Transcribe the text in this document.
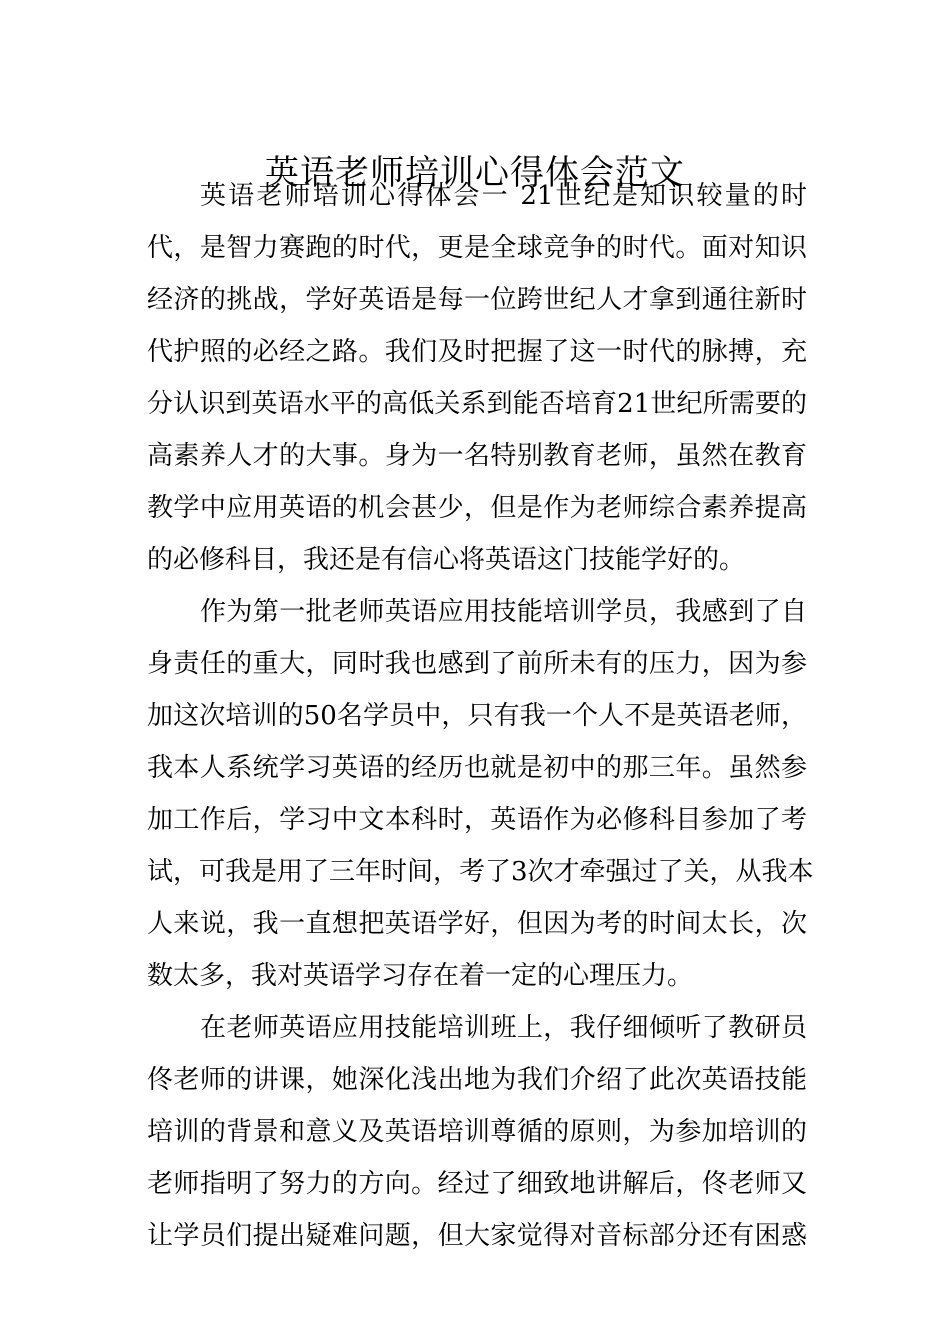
英语老师培训心得体会范文
英语老师培训心得体会一 21世纪是知识较量的时
代，是智力赛跑的时代，更是全球竞争的时代。面对知识
经济的挑战，学好英语是每一位跨世纪人才拿到通往新时
代护照的必经之路。我们及时把握了这一时代的脉搏，充
分认识到英语水平的高低关系到能否培育21世纪所需要的
高素养人才的大事。身为一名特别教育老师，虽然在教育
教学中应用英语的机会甚少，但是作为老师综合素养提高
的必修科目，我还是有信心将英语这门技能学好的。
作为第一批老师英语应用技能培训学员，我感到了自
身责任的重大，同时我也感到了前所未有的压力，因为参
加这次培训的50名学员中，只有我一个人不是英语老师，
我本人系统学习英语的经历也就是初中的那三年。虽然参
加工作后，学习中文本科时，英语作为必修科目参加了考
试，可我是用了三年时间，考了3次才牵强过了关，从我本
人来说，我一直想把英语学好，但因为考的时间太长，次
数太多，我对英语学习存在着一定的心理压力。
在老师英语应用技能培训班上，我仔细倾听了教研员
佟老师的讲课，她深化浅出地为我们介绍了此次英语技能
培训的背景和意义及英语培训尊循的原则，为参加培训的
老师指明了努力的方向。经过了细致地讲解后，佟老师又
让学员们提出疑难问题，但大家觉得对音标部分还有困惑
